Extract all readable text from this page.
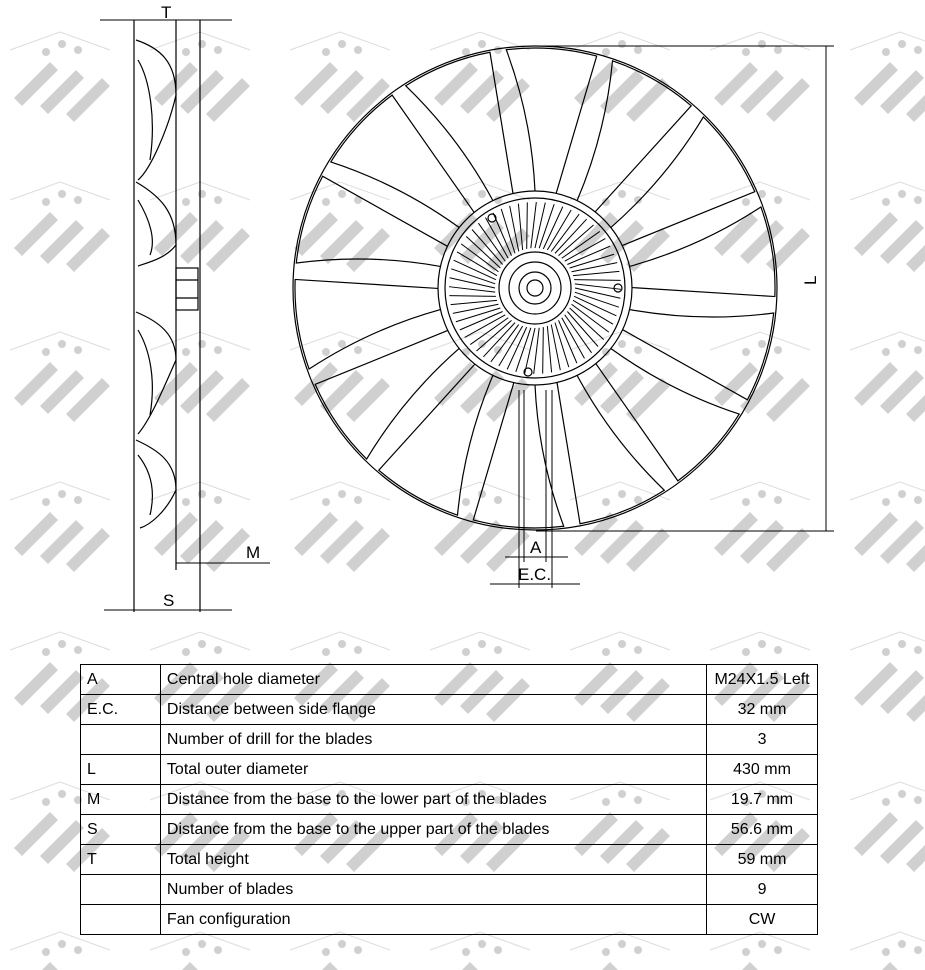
T
M
S
L
A
E.C.
A	Central hole diameter	M24X1.5 Left
E.C.	Distance between side flange	32 mm
	Number of drill for the blades	3
L	Total outer diameter	430 mm
M	Distance from the base to the lower part of the blades	19.7 mm
S	Distance from the base to the upper part of the blades	56.6 mm
T	Total height	59 mm
	Number of blades	9
	Fan configuration	CW
